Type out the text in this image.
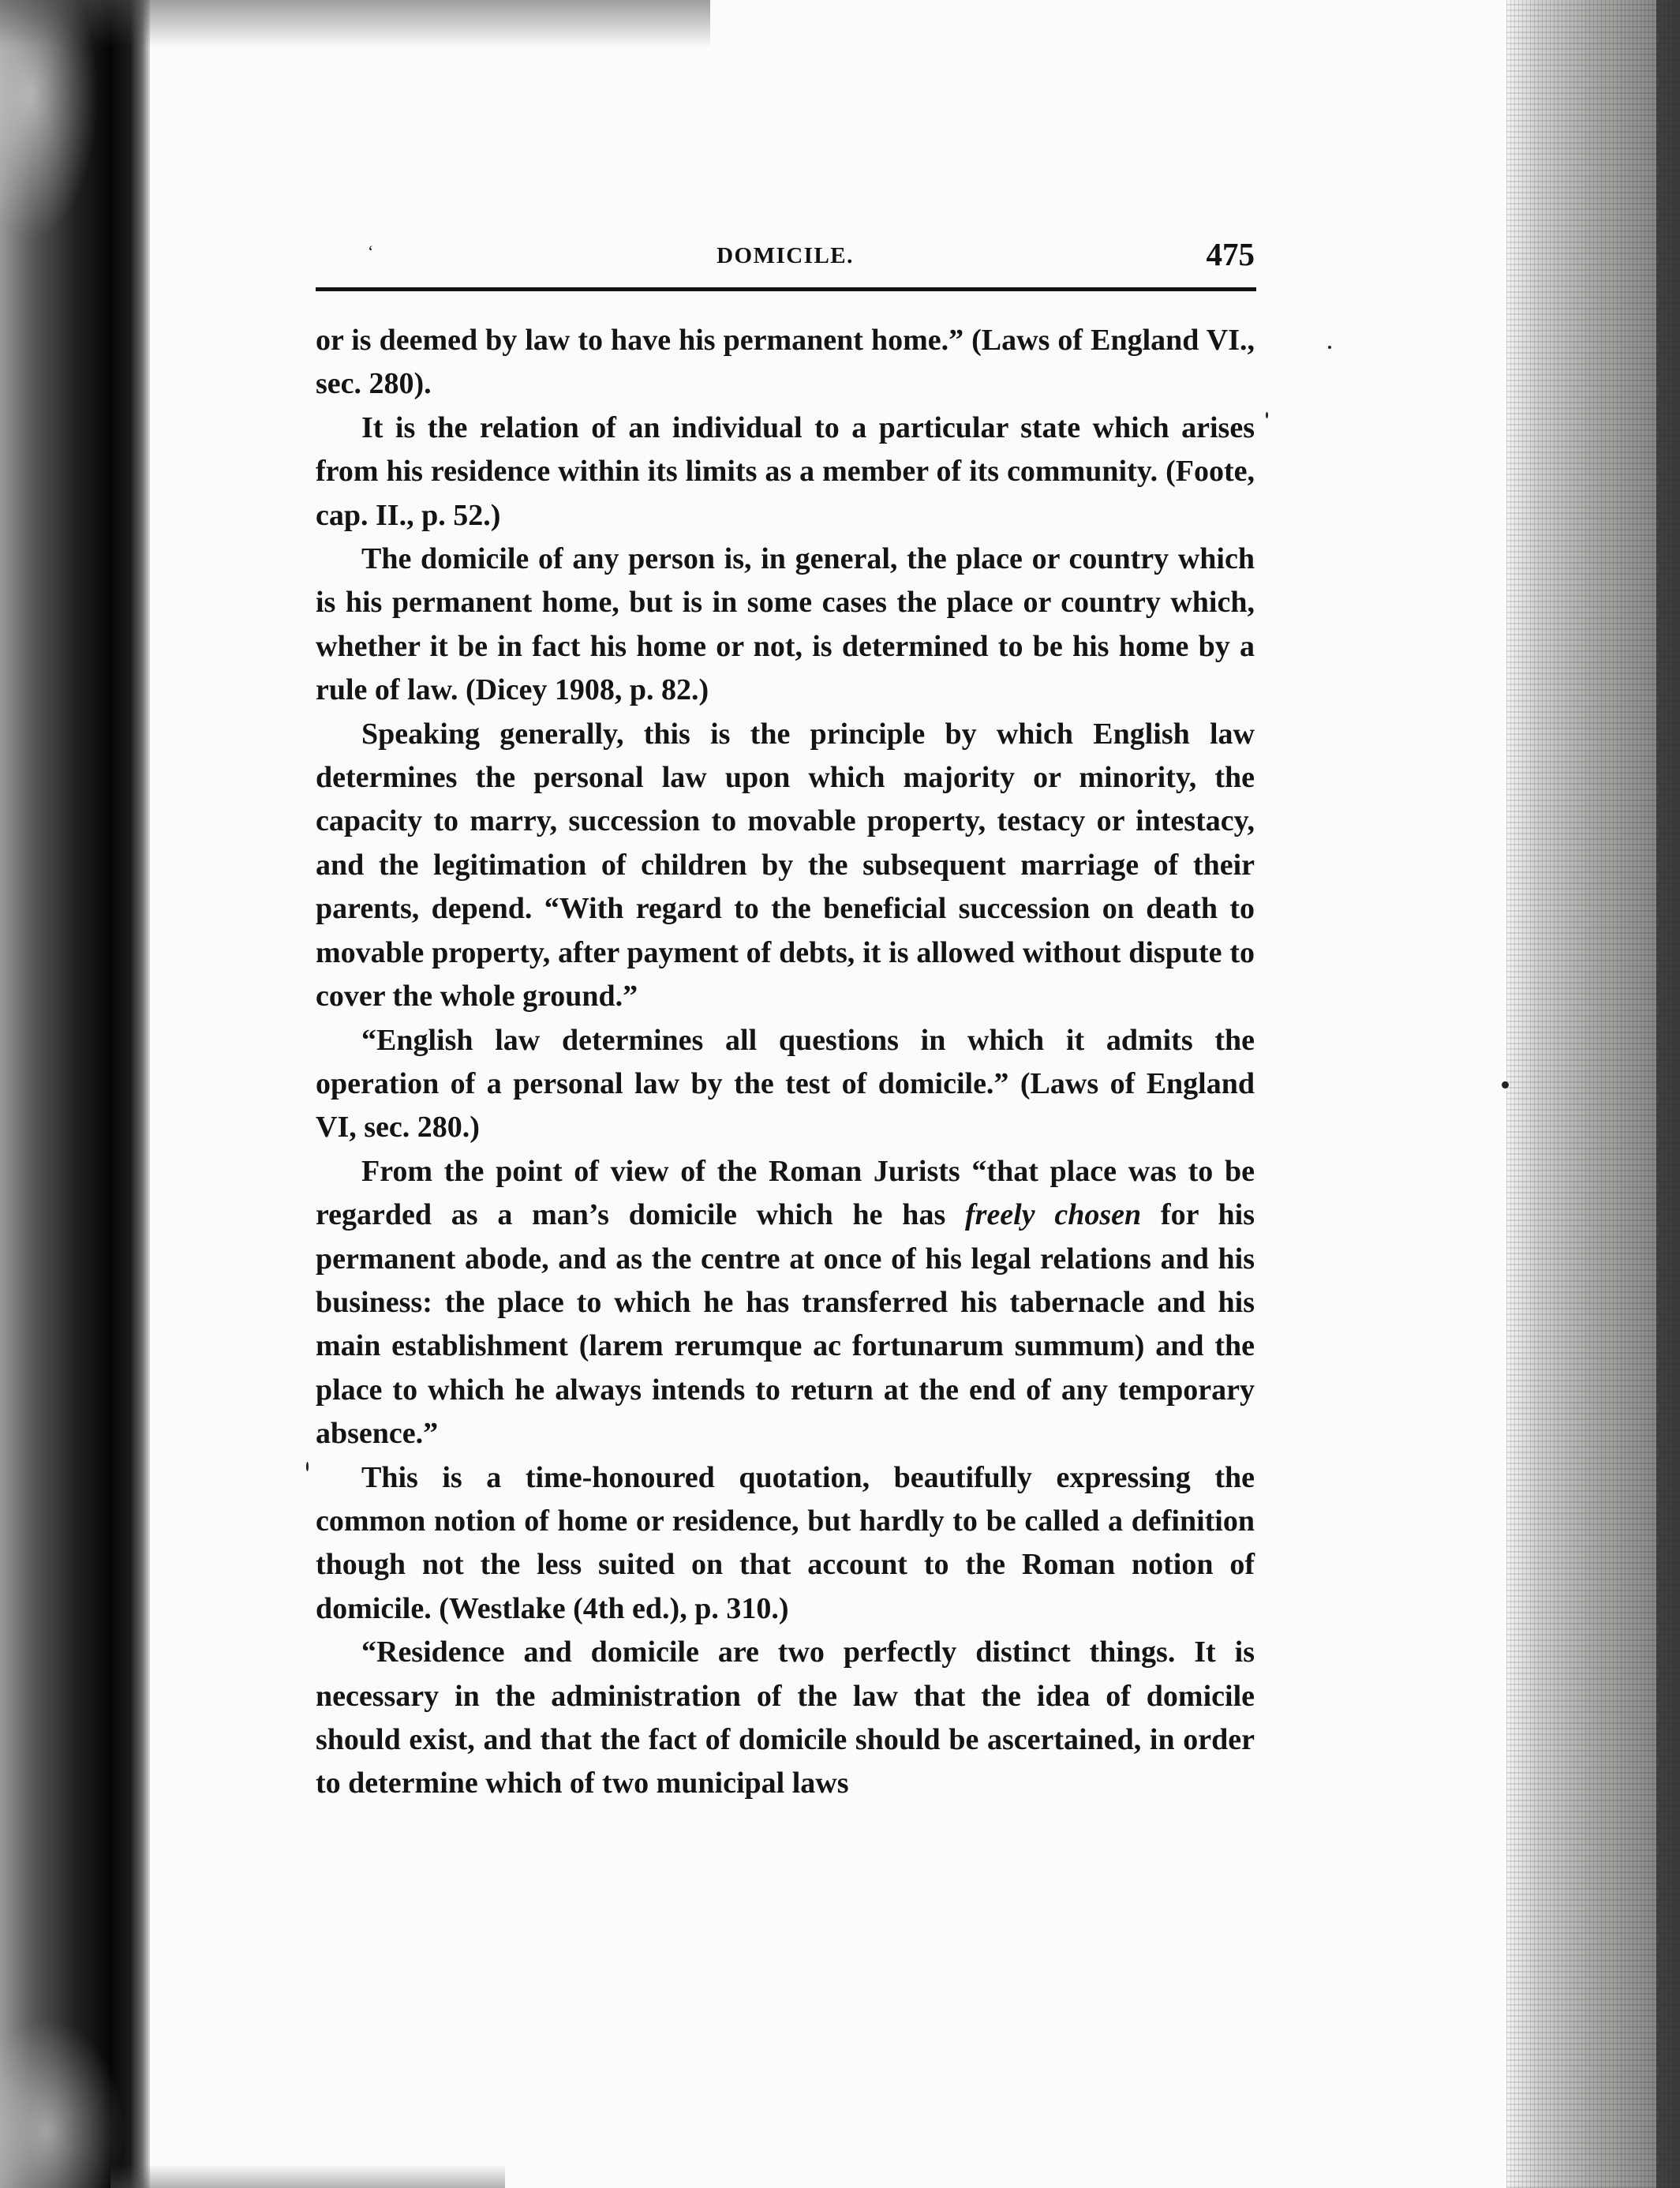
‘	DOMICILE.	475

or is deemed by law to have his permanent home.” (Laws of England VI., sec. 280).

It is the relation of an individual to a particular state which arises from his residence within its limits as a member of its community. (Foote, cap. II., p. 52.)

The domicile of any person is, in general, the place or country which is his permanent home, but is in some cases the place or country which, whether it be in fact his home or not, is determined to be his home by a rule of law. (Dicey 1908, p. 82.)

Speaking generally, this is the principle by which English law determines the personal law upon which majority or minority, the capacity to marry, succession to movable property, testacy or intestacy, and the legitimation of children by the subsequent marriage of their parents, depend. “With regard to the beneficial succession on death to movable property, after payment of debts, it is allowed without dispute to cover the whole ground.”

“English law determines all questions in which it admits the operation of a personal law by the test of domicile.” (Laws of England VI, sec. 280.)

From the point of view of the Roman Jurists “that place was to be regarded as a man’s domicile which he has freely chosen for his permanent abode, and as the centre at once of his legal relations and his business: the place to which he has transferred his tabernacle and his main establishment (larem rerumque ac fortunarum summum) and the place to which he always intends to return at the end of any temporary absence.”

This is a time-honoured quotation, beautifully expressing the common notion of home or residence, but hardly to be called a definition though not the less suited on that account to the Roman notion of domicile. (Westlake (4th ed.), p. 310.)

“Residence and domicile are two perfectly distinct things. It is necessary in the administration of the law that the idea of domicile should exist, and that the fact of domicile should be ascertained, in order to determine which of two municipal laws
